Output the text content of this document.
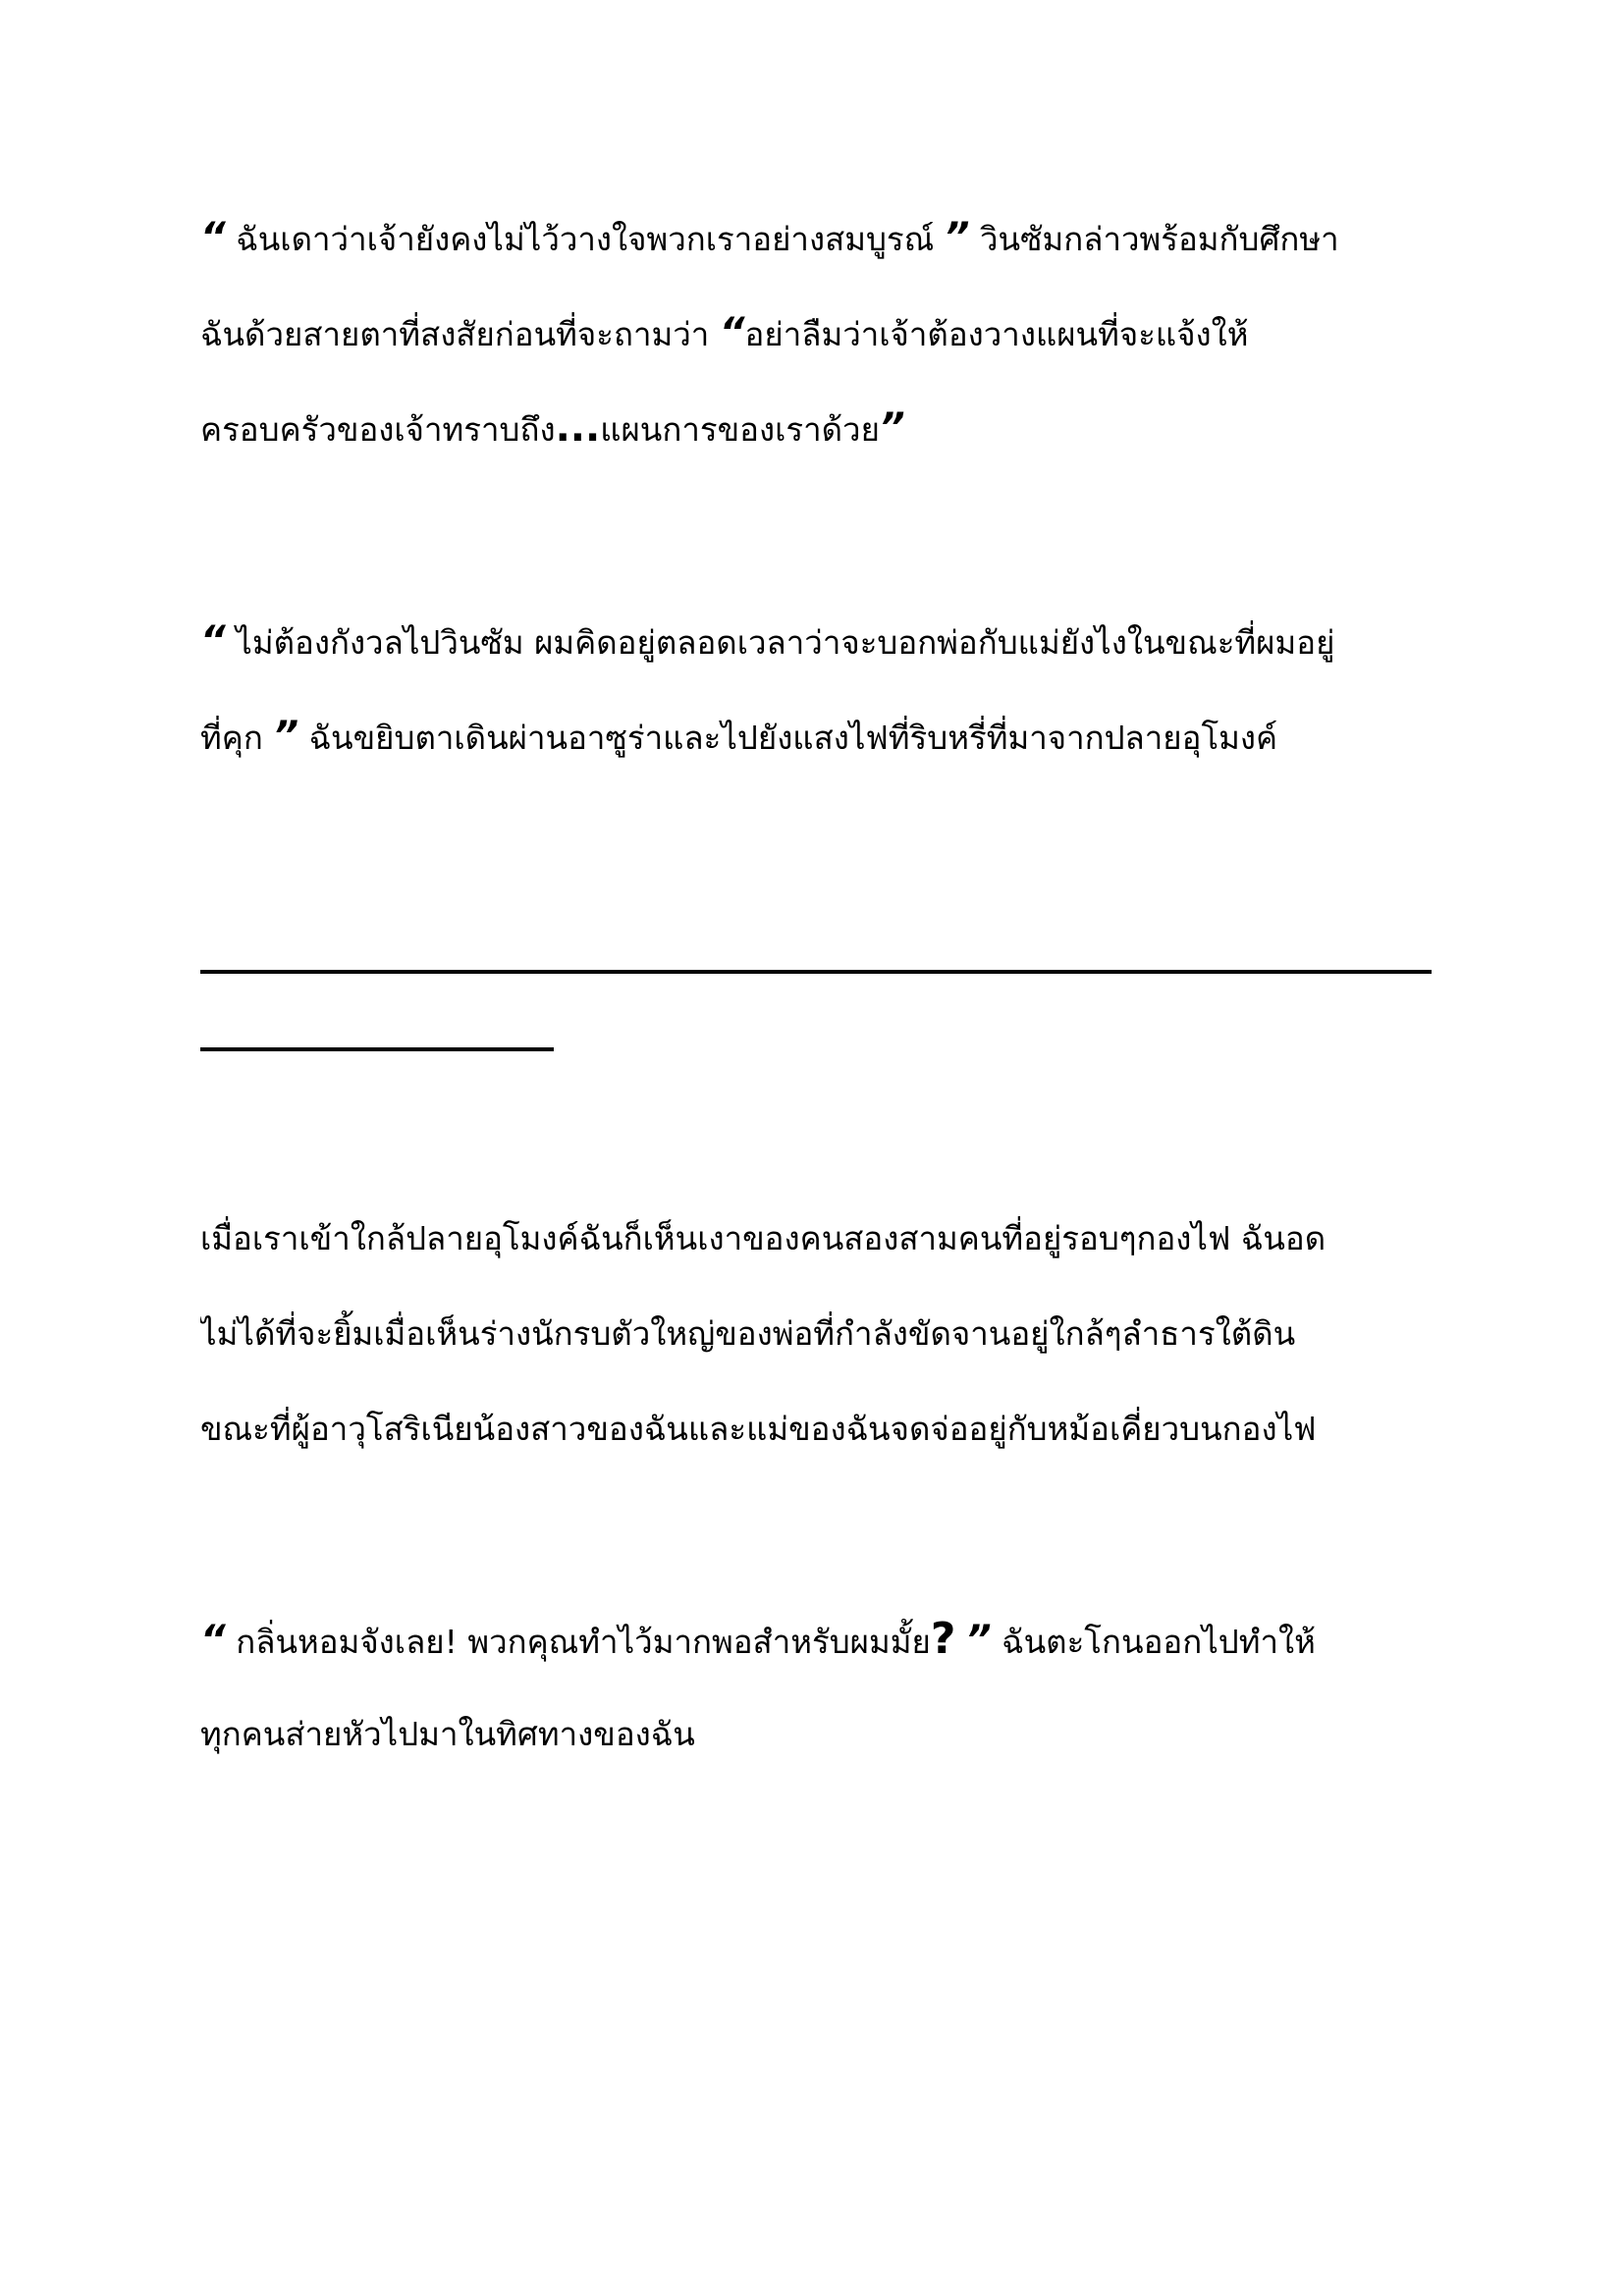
“ ฉันเดาว่าเจ้ายังคงไม่ไว้วางใจพวกเราอย่างสมบูรณ์ ” วินซัมกล่าวพร้อมกับศึกษา
ฉันด้วยสายตาที่สงสัยก่อนที่จะถามว่า “อย่าลืมว่าเจ้าต้องวางแผนที่จะแจ้งให้
ครอบครัวของเจ้าทราบถึง...แผนการของเราด้วย”

“ ไม่ต้องกังวลไปวินซัม ผมคิดอยู่ตลอดเวลาว่าจะบอกพ่อกับแม่ยังไงในขณะที่ผมอยู่
ที่คุก ” ฉันขยิบตาเดินผ่านอาซูร่าและไปยังแสงไฟที่ริบหรี่ที่มาจากปลายอุโมงค์

เมื่อเราเข้าใกล้ปลายอุโมงค์ฉันก็เห็นเงาของคนสองสามคนที่อยู่รอบๆกองไฟ ฉันอด
ไม่ได้ที่จะยิ้มเมื่อเห็นร่างนักรบตัวใหญ่ของพ่อที่กำลังขัดจานอยู่ใกล้ๆลำธารใต้ดิน
ขณะที่ผู้อาวุโสริเนียน้องสาวของฉันและแม่ของฉันจดจ่ออยู่กับหม้อเคี่ยวบนกองไฟ

“ กลิ่นหอมจังเลย! พวกคุณทำไว้มากพอสำหรับผมมั้ย? ” ฉันตะโกนออกไปทำให้
ทุกคนส่ายหัวไปมาในทิศทางของฉัน
